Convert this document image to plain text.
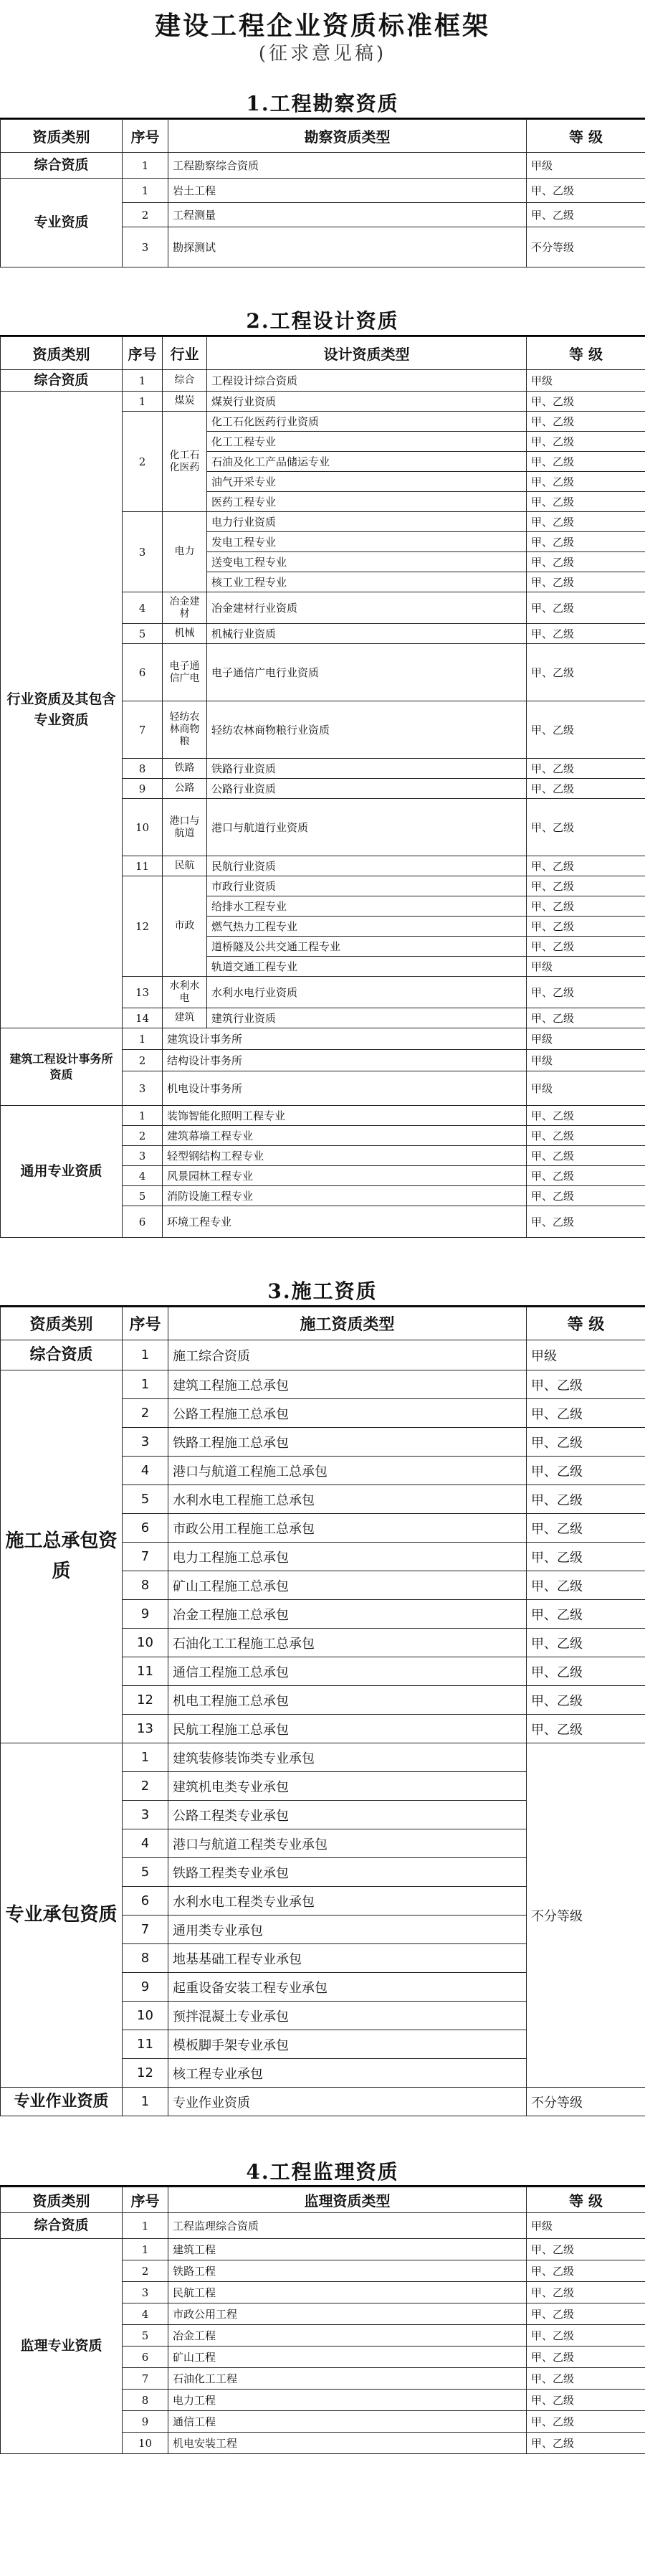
建设工程企业资质标准框架
(征求意见稿)
1.工程勘察资质
资质类别	序号	勘察资质类型	等 级
综合资质	1	工程勘察综合资质	甲级
专业资质	1	岩土工程	甲、乙级
	2	工程测量	甲、乙级
	3	勘探测试	不分等级
2.工程设计资质
资质类别	序号	行业	设计资质类型	等 级
综合资质	1	综合	工程设计综合资质	甲级
行业资质及其包含专业资质	1	煤炭	煤炭行业资质	甲、乙级
	2	化工石化医药	化工石化医药行业资质	甲、乙级
			化工工程专业	甲、乙级
			石油及化工产品储运专业	甲、乙级
			油气开采专业	甲、乙级
			医药工程专业	甲、乙级
	3	电力	电力行业资质	甲、乙级
			发电工程专业	甲、乙级
			送变电工程专业	甲、乙级
			核工业工程专业	甲、乙级
	4	冶金建材	冶金建材行业资质	甲、乙级
	5	机械	机械行业资质	甲、乙级
	6	电子通信广电	电子通信广电行业资质	甲、乙级
	7	轻纺农林商物粮	轻纺农林商物粮行业资质	甲、乙级
	8	铁路	铁路行业资质	甲、乙级
	9	公路	公路行业资质	甲、乙级
	10	港口与航道	港口与航道行业资质	甲、乙级
	11	民航	民航行业资质	甲、乙级
	12	市政	市政行业资质	甲、乙级
			给排水工程专业	甲、乙级
			燃气热力工程专业	甲、乙级
			道桥隧及公共交通工程专业	甲、乙级
			轨道交通工程专业	甲级
	13	水利水电	水利水电行业资质	甲、乙级
	14	建筑	建筑行业资质	甲、乙级
建筑工程设计事务所资质	1	建筑设计事务所		甲级
	2	结构设计事务所		甲级
	3	机电设计事务所		甲级
通用专业资质	1	装饰智能化照明工程专业		甲、乙级
	2	建筑幕墙工程专业		甲、乙级
	3	轻型钢结构工程专业		甲、乙级
	4	风景园林工程专业		甲、乙级
	5	消防设施工程专业		甲、乙级
	6	环境工程专业		甲、乙级
3.施工资质
资质类别	序号	施工资质类型	等 级
综合资质	1	施工综合资质	甲级
施工总承包资质	1	建筑工程施工总承包	甲、乙级
	2	公路工程施工总承包	甲、乙级
	3	铁路工程施工总承包	甲、乙级
	4	港口与航道工程施工总承包	甲、乙级
	5	水利水电工程施工总承包	甲、乙级
	6	市政公用工程施工总承包	甲、乙级
	7	电力工程施工总承包	甲、乙级
	8	矿山工程施工总承包	甲、乙级
	9	冶金工程施工总承包	甲、乙级
	10	石油化工工程施工总承包	甲、乙级
	11	通信工程施工总承包	甲、乙级
	12	机电工程施工总承包	甲、乙级
	13	民航工程施工总承包	甲、乙级
专业承包资质	1	建筑装修装饰类专业承包	不分等级
	2	建筑机电类专业承包	
	3	公路工程类专业承包	
	4	港口与航道工程类专业承包	
	5	铁路工程类专业承包	
	6	水利水电工程类专业承包	
	7	通用类专业承包	
	8	地基基础工程专业承包	
	9	起重设备安装工程专业承包	
	10	预拌混凝土专业承包	
	11	模板脚手架专业承包	
	12	核工程专业承包	
专业作业资质	1	专业作业资质	不分等级
4.工程监理资质
资质类别	序号	监理资质类型	等 级
综合资质	1	工程监理综合资质	甲级
监理专业资质	1	建筑工程	甲、乙级
	2	铁路工程	甲、乙级
	3	民航工程	甲、乙级
	4	市政公用工程	甲、乙级
	5	冶金工程	甲、乙级
	6	矿山工程	甲、乙级
	7	石油化工工程	甲、乙级
	8	电力工程	甲、乙级
	9	通信工程	甲、乙级
	10	机电安装工程	甲、乙级
